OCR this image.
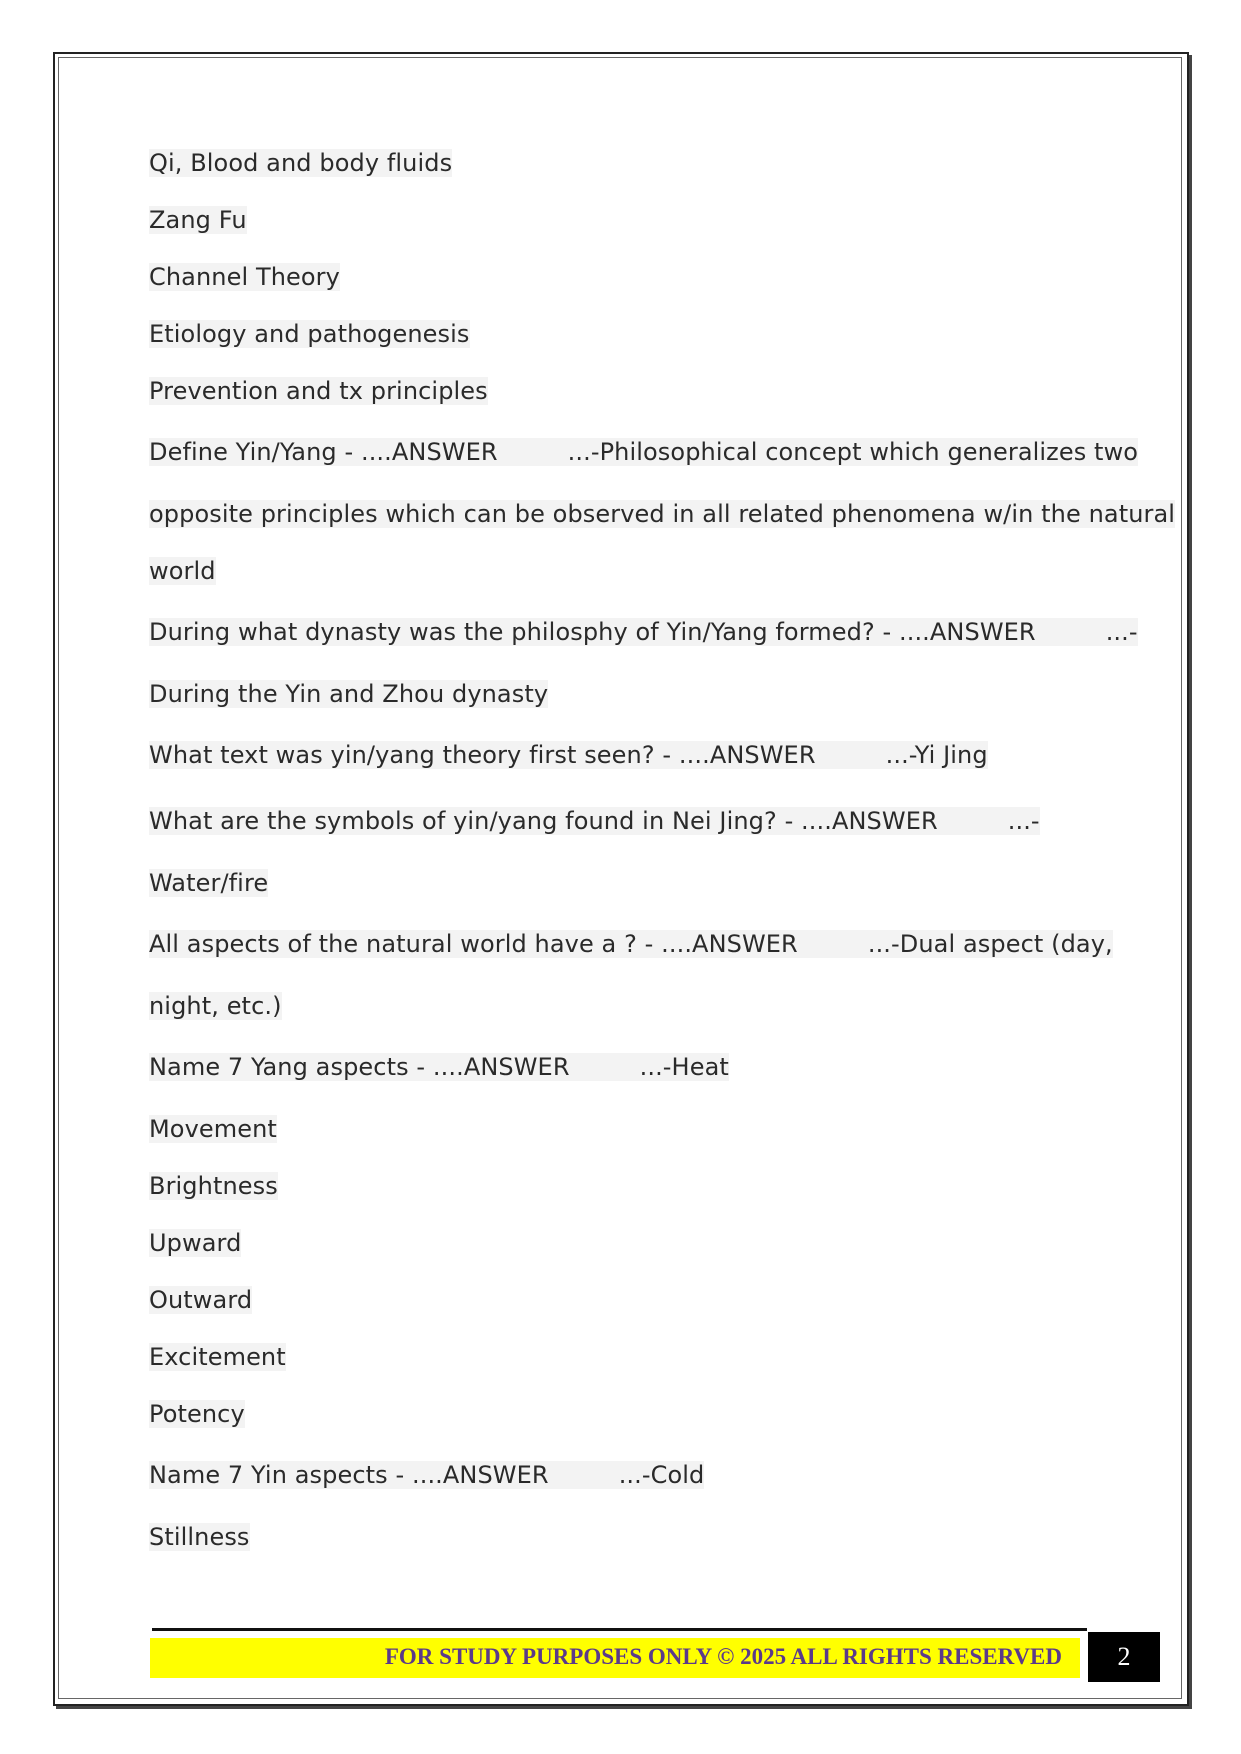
Qi, Blood and body fluids
Zang Fu
Channel Theory
Etiology and pathogenesis
Prevention and tx principles
Define Yin/Yang - ....ANSWER	...-Philosophical concept which generalizes two
opposite principles which can be observed in all related phenomena w/in the natural
world
During what dynasty was the philosphy of Yin/Yang formed? - ....ANSWER	...-
During the Yin and Zhou dynasty
What text was yin/yang theory first seen? - ....ANSWER	...-Yi Jing
What are the symbols of yin/yang found in Nei Jing? - ....ANSWER	...-
Water/fire
All aspects of the natural world have a ? - ....ANSWER	...-Dual aspect (day,
night, etc.)
Name 7 Yang aspects - ....ANSWER	...-Heat
Movement
Brightness
Upward
Outward
Excitement
Potency
Name 7 Yin aspects - ....ANSWER	...-Cold
Stillness
FOR STUDY PURPOSES ONLY © 2025 ALL RIGHTS RESERVED	2
